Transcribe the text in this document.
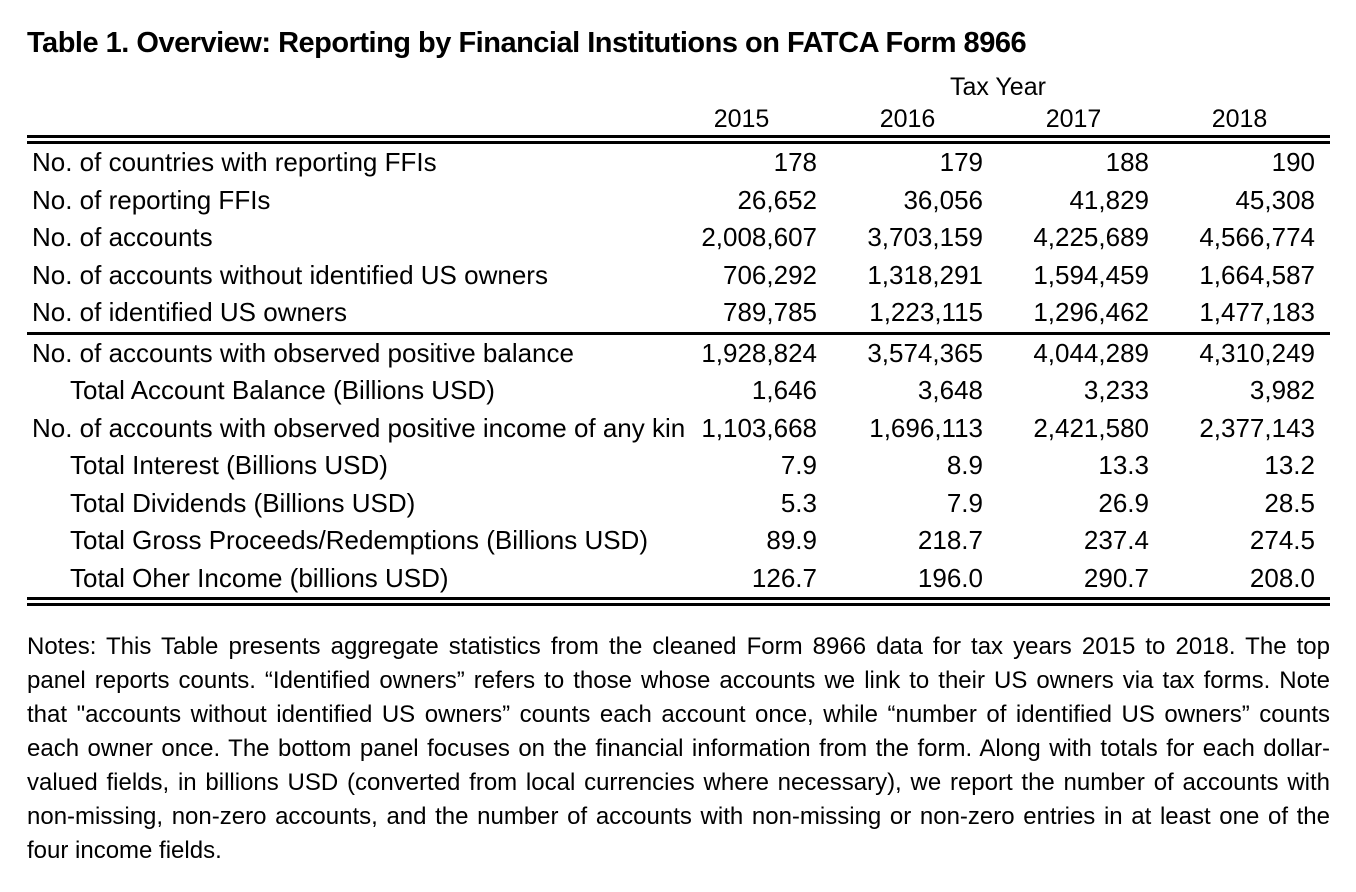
Table 1. Overview: Reporting by Financial Institutions on FATCA Form 8966
Tax Year
2015	2016	2017	2018
No. of countries with reporting FFIs	178	179	188	190
No. of reporting FFIs	26,652	36,056	41,829	45,308
No. of accounts	2,008,607	3,703,159	4,225,689	4,566,774
No. of accounts without identified US owners	706,292	1,318,291	1,594,459	1,664,587
No. of identified US owners	789,785	1,223,115	1,296,462	1,477,183
No. of accounts with observed positive balance	1,928,824	3,574,365	4,044,289	4,310,249
Total Account Balance (Billions USD)	1,646	3,648	3,233	3,982
No. of accounts with observed positive income of any kin 1,103,668	1,696,113	2,421,580	2,377,143
Total Interest (Billions USD)	7.9	8.9	13.3	13.2
Total Dividends (Billions USD)	5.3	7.9	26.9	28.5
Total Gross Proceeds/Redemptions (Billions USD)	89.9	218.7	237.4	274.5
Total Oher Income (billions USD)	126.7	196.0	290.7	208.0

Notes: This Table presents aggregate statistics from the cleaned Form 8966 data for tax years 2015 to 2018. The top panel reports counts. “Identified owners” refers to those whose accounts we link to their US owners via tax forms. Note that "accounts without identified US owners” counts each account once, while “number of identified US owners” counts each owner once. The bottom panel focuses on the financial information from the form. Along with totals for each dollar-valued fields, in billions USD (converted from local currencies where necessary), we report the number of accounts with non-missing, non-zero accounts, and the number of accounts with non-missing or non-zero entries in at least one of the four income fields.
